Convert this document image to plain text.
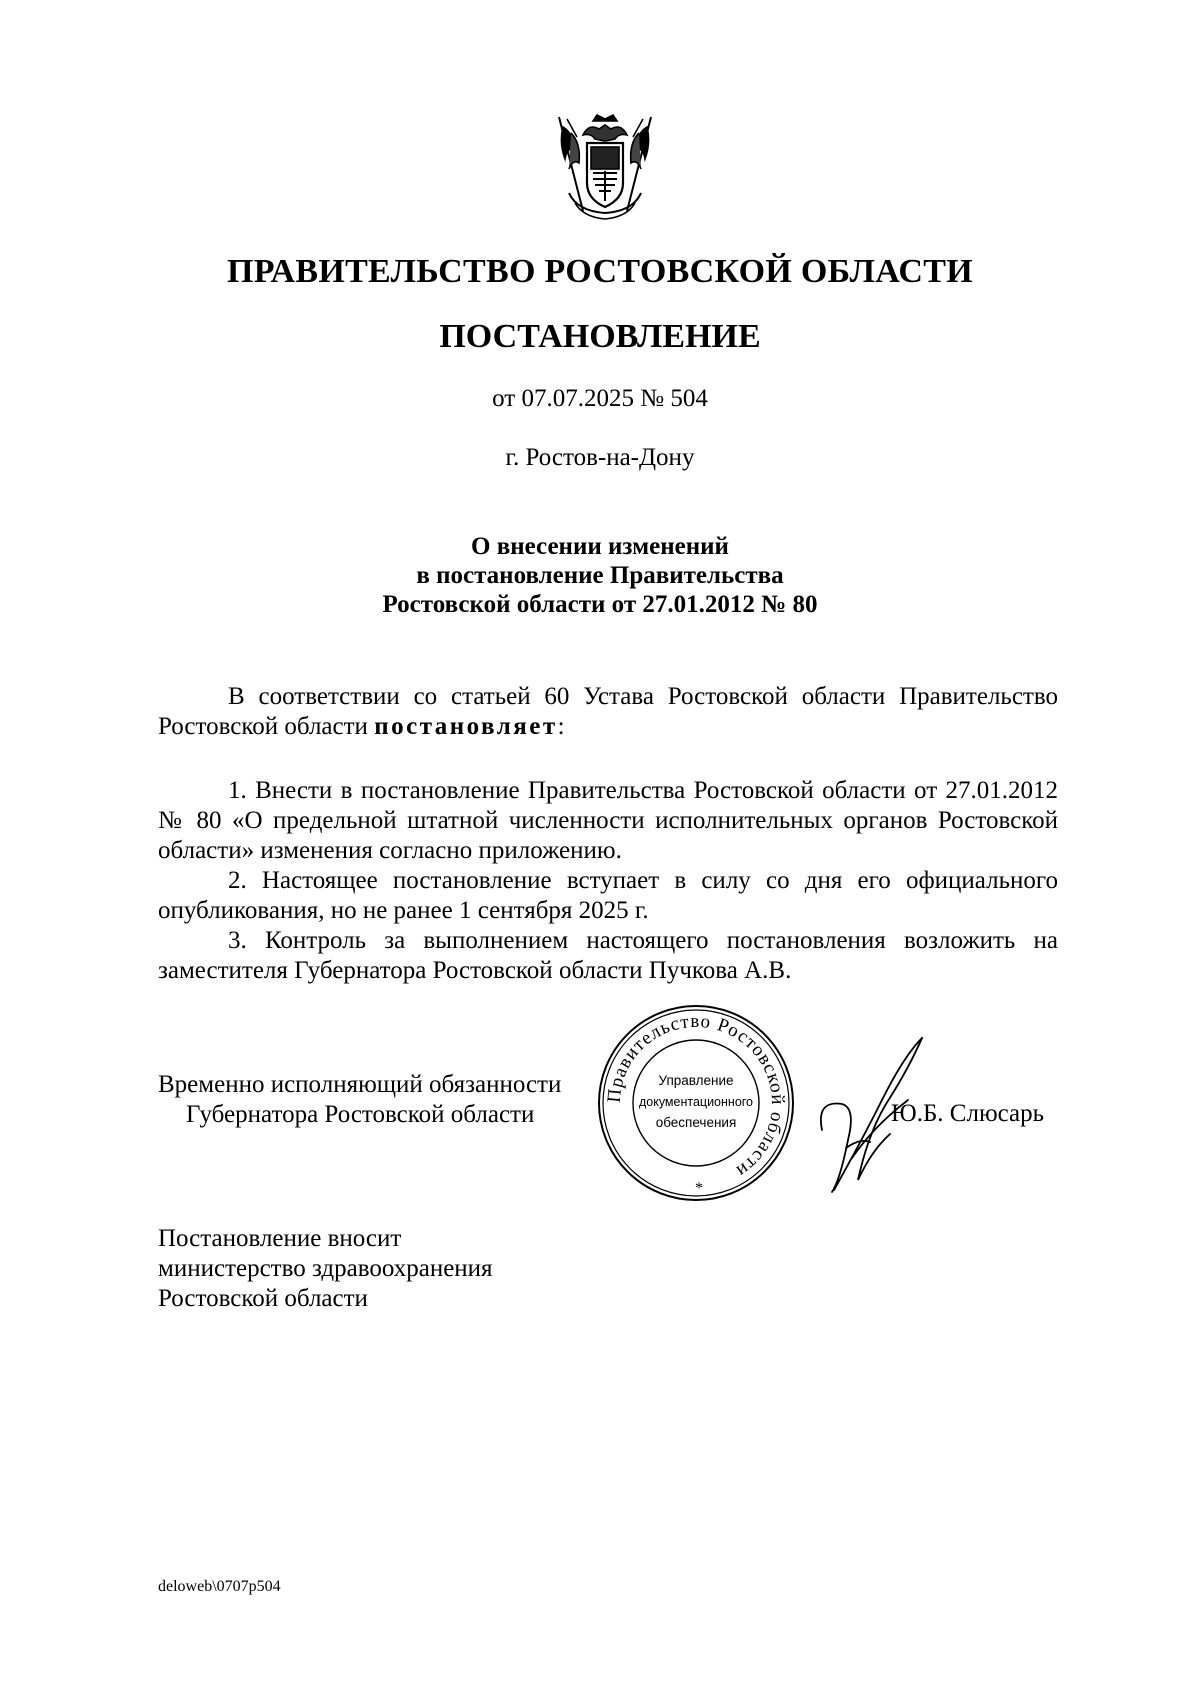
ПРАВИТЕЛЬСТВО РОСТОВСКОЙ ОБЛАСТИ
ПОСТАНОВЛЕНИЕ
от 07.07.2025 № 504
г. Ростов-на-Дону
О внесении изменений
в постановление Правительства
Ростовской области от 27.01.2012 № 80

В соответствии со статьей 60 Устава Ростовской области Правительство Ростовской области постановляет:

1. Внести в постановление Правительства Ростовской области от 27.01.2012 № 80 «О предельной штатной численности исполнительных органов Ростовской области» изменения согласно приложению.

2. Настоящее постановление вступает в силу со дня его официального опубликования, но не ранее 1 сентября 2025 г.

3. Контроль за выполнением настоящего постановления возложить на заместителя Губернатора Ростовской области Пучкова А.В.

Временно исполняющий обязанности
Губернатора Ростовской области
Правительство Ростовской области
Управление
документационного
обеспечения
*
Ю.Б. Слюсарь
Постановление вносит
министерство здравоохранения
Ростовской области
deloweb\0707p504
